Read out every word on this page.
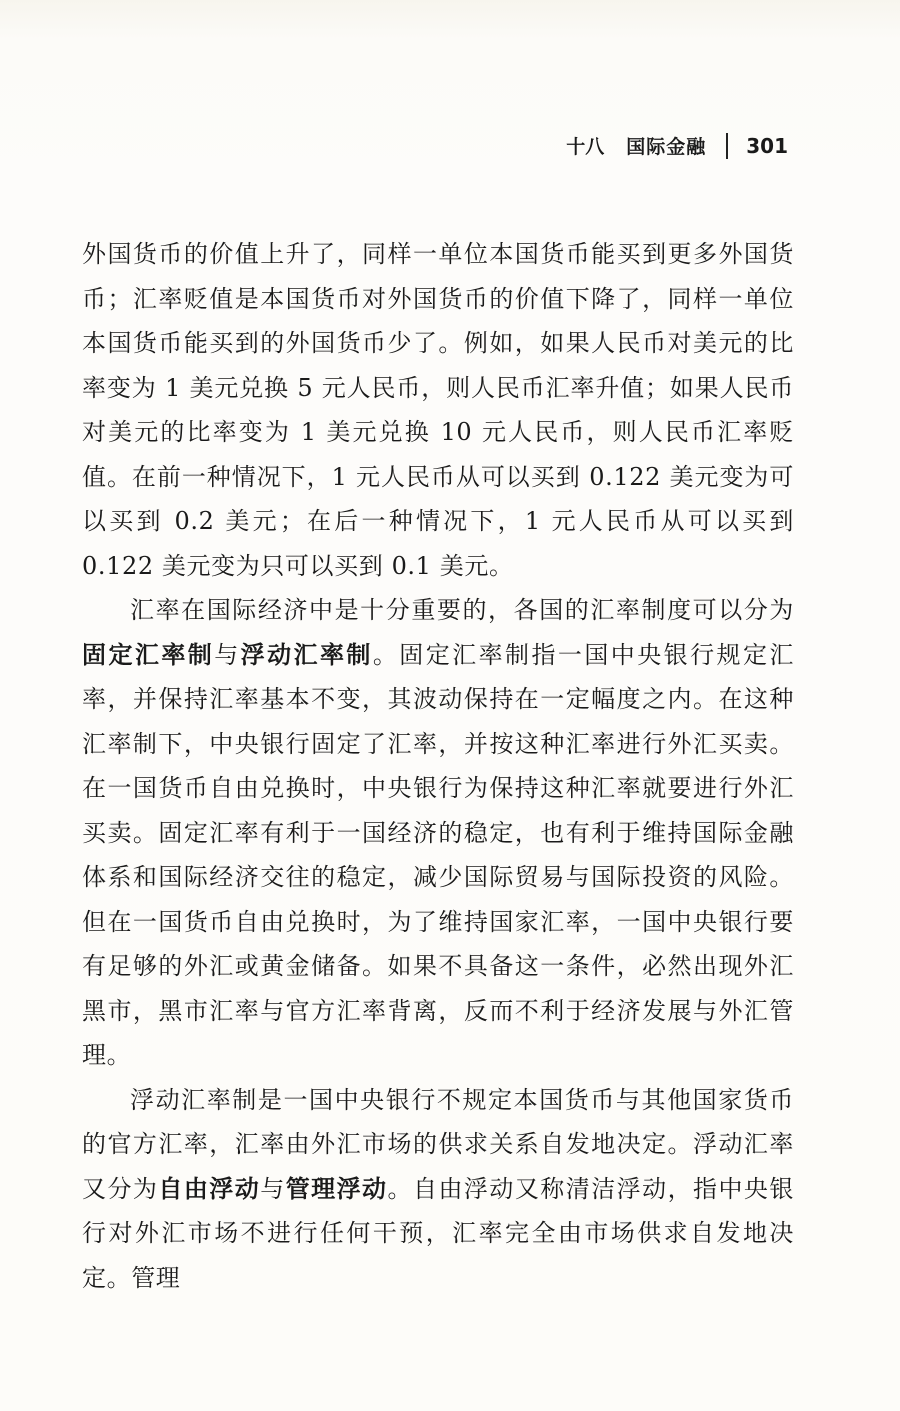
十八 国际金融 301

外国货币的价值上升了，同样一单位本国货币能买到更多外国货币；汇率贬值是本国货币对外国货币的价值下降了，同样一单位本国货币能买到的外国货币少了。例如，如果人民币对美元的比率变为 1 美元兑换 5 元人民币，则人民币汇率升值；如果人民币对美元的比率变为 1 美元兑换 10 元人民币，则人民币汇率贬值。在前一种情况下，1 元人民币从可以买到 0.122 美元变为可以买到 0.2 美元；在后一种情况下，1 元人民币从可以买到0.122 美元变为只可以买到 0.1 美元。

汇率在国际经济中是十分重要的，各国的汇率制度可以分为固定汇率制与浮动汇率制。固定汇率制指一国中央银行规定汇率，并保持汇率基本不变，其波动保持在一定幅度之内。在这种汇率制下，中央银行固定了汇率，并按这种汇率进行外汇买卖。在一国货币自由兑换时，中央银行为保持这种汇率就要进行外汇买卖。固定汇率有利于一国经济的稳定，也有利于维持国际金融体系和国际经济交往的稳定，减少国际贸易与国际投资的风险。但在一国货币自由兑换时，为了维持国家汇率，一国中央银行要有足够的外汇或黄金储备。如果不具备这一条件，必然出现外汇黑市，黑市汇率与官方汇率背离，反而不利于经济发展与外汇管理。

浮动汇率制是一国中央银行不规定本国货币与其他国家货币的官方汇率，汇率由外汇市场的供求关系自发地决定。浮动汇率又分为自由浮动与管理浮动。自由浮动又称清洁浮动，指中央银行对外汇市场不进行任何干预，汇率完全由市场供求自发地决定。管理
